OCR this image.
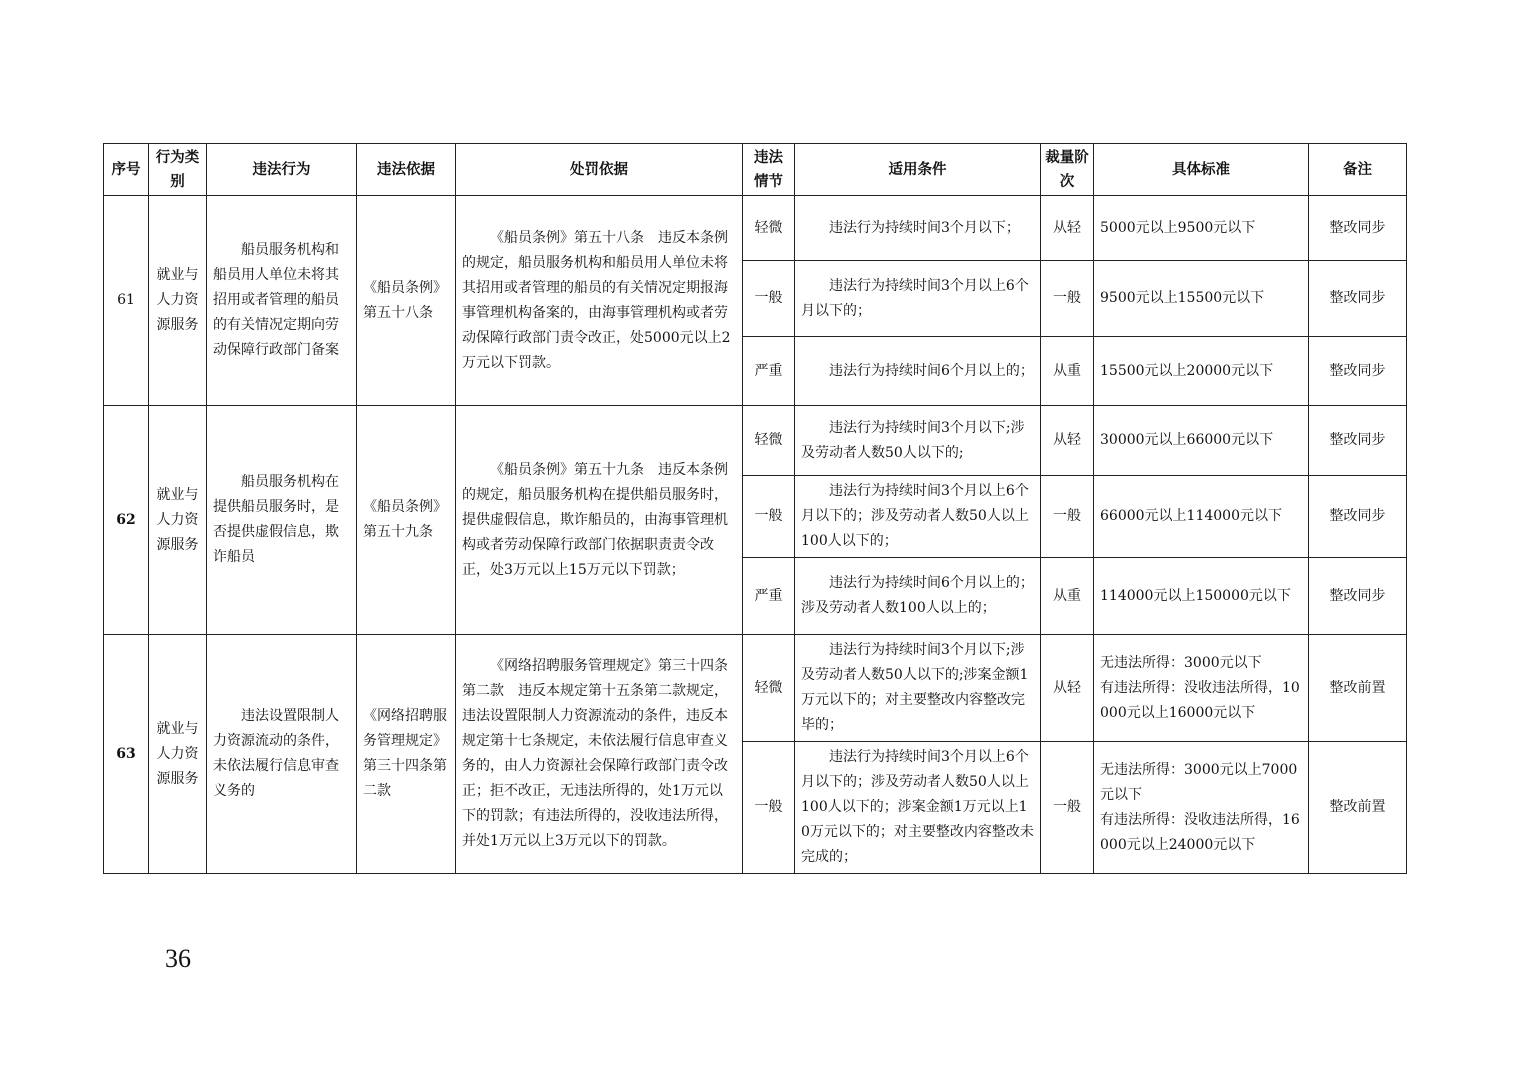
序号	行为类别	违法行为	违法依据	处罚依据	违法情节	适用条件	裁量阶次	具体标准	备注
61	就业与人力资源服务	船员服务机构和船员用人单位未将其招用或者管理的船员的有关情况定期向劳动保障行政部门备案	《船员条例》第五十八条	《船员条例》第五十八条　违反本条例的规定，船员服务机构和船员用人单位未将其招用或者管理的船员的有关情况定期报海事管理机构备案的，由海事管理机构或者劳动保障行政部门责令改正，处5000元以上2万元以下罚款。	轻微	违法行为持续时间3个月以下；	从轻	5000元以上9500元以下	整改同步
					一般	违法行为持续时间3个月以上6个月以下的；	一般	9500元以上15500元以下	整改同步
					严重	违法行为持续时间6个月以上的；	从重	15500元以上20000元以下	整改同步
62	就业与人力资源服务	船员服务机构在提供船员服务时，是否提供虚假信息，欺诈船员	《船员条例》第五十九条	《船员条例》第五十九条　违反本条例的规定，船员服务机构在提供船员服务时，提供虚假信息，欺诈船员的，由海事管理机构或者劳动保障行政部门依据职责责令改正，处3万元以上15万元以下罚款；	轻微	违法行为持续时间3个月以下;涉及劳动者人数50人以下的;	从轻	30000元以上66000元以下	整改同步
					一般	违法行为持续时间3个月以上6个月以下的；涉及劳动者人数50人以上100人以下的；	一般	66000元以上114000元以下	整改同步
					严重	违法行为持续时间6个月以上的；涉及劳动者人数100人以上的；	从重	114000元以上150000元以下	整改同步
63	就业与人力资源服务	违法设置限制人力资源流动的条件，未依法履行信息审查义务的	《网络招聘服务管理规定》第三十四条第二款	《网络招聘服务管理规定》第三十四条第二款　违反本规定第十五条第二款规定，违法设置限制人力资源流动的条件，违反本规定第十七条规定，未依法履行信息审查义务的，由人力资源社会保障行政部门责令改正；拒不改正，无违法所得的，处1万元以下的罚款；有违法所得的，没收违法所得，并处1万元以上3万元以下的罚款。	轻微	违法行为持续时间3个月以下;涉及劳动者人数50人以下的;涉案金额1万元以下的；对主要整改内容整改完毕的；	从轻	无违法所得：3000元以下
有违法所得：没收违法所得，10000元以上16000元以下	整改前置
					一般	违法行为持续时间3个月以上6个月以下的；涉及劳动者人数50人以上100人以下的；涉案金额1万元以上10万元以下的；对主要整改内容整改未完成的；	一般	无违法所得：3000元以上7000元以下
有违法所得：没收违法所得，16000元以上24000元以下	整改前置
36
